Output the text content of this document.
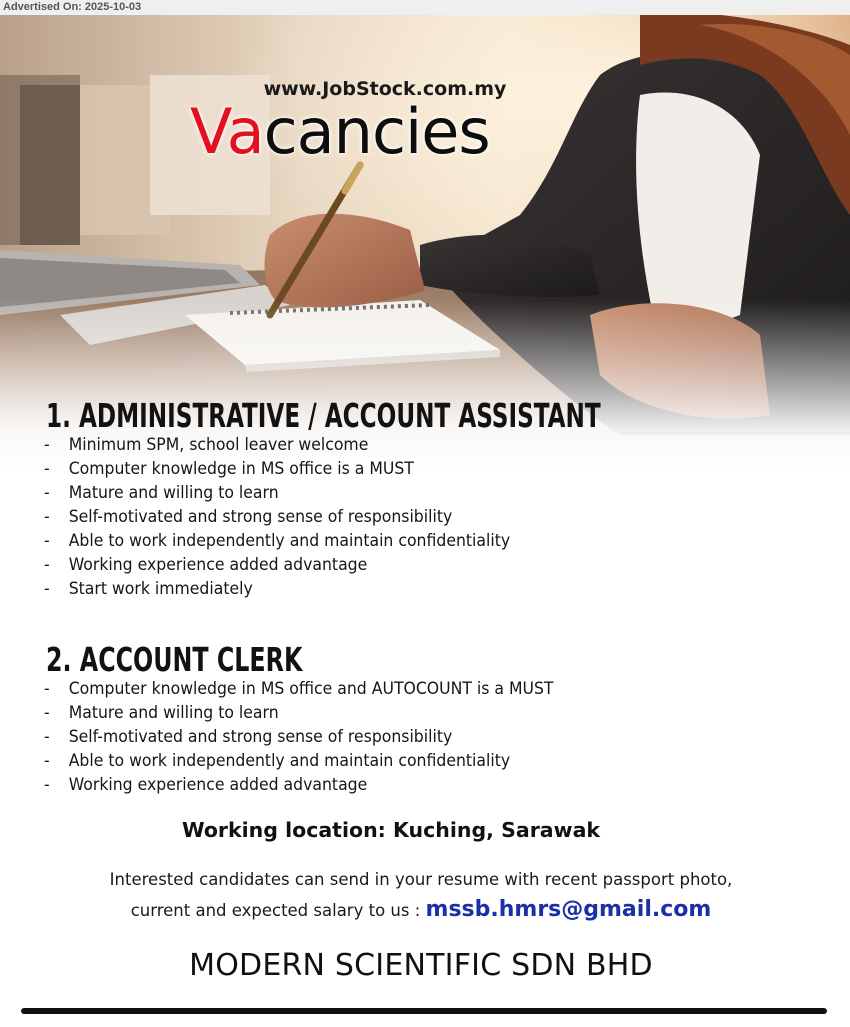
Advertised On: 2025-10-03
www.JobStock.com.my
Vacancies
1. ADMINISTRATIVE / ACCOUNT ASSISTANT
- Minimum SPM, school leaver welcome
- Computer knowledge in MS office is a MUST
- Mature and willing to learn
- Self-motivated and strong sense of responsibility
- Able to work independently and maintain confidentiality
- Working experience added advantage
- Start work immediately
2. ACCOUNT CLERK
- Computer knowledge in MS office and AUTOCOUNT is a MUST
- Mature and willing to learn
- Self-motivated and strong sense of responsibility
- Able to work independently and maintain confidentiality
- Working experience added advantage
Working location: Kuching, Sarawak
Interested candidates can send in your resume with recent passport photo,
current and expected salary to us : mssb.hmrs@gmail.com
MODERN SCIENTIFIC SDN BHD
